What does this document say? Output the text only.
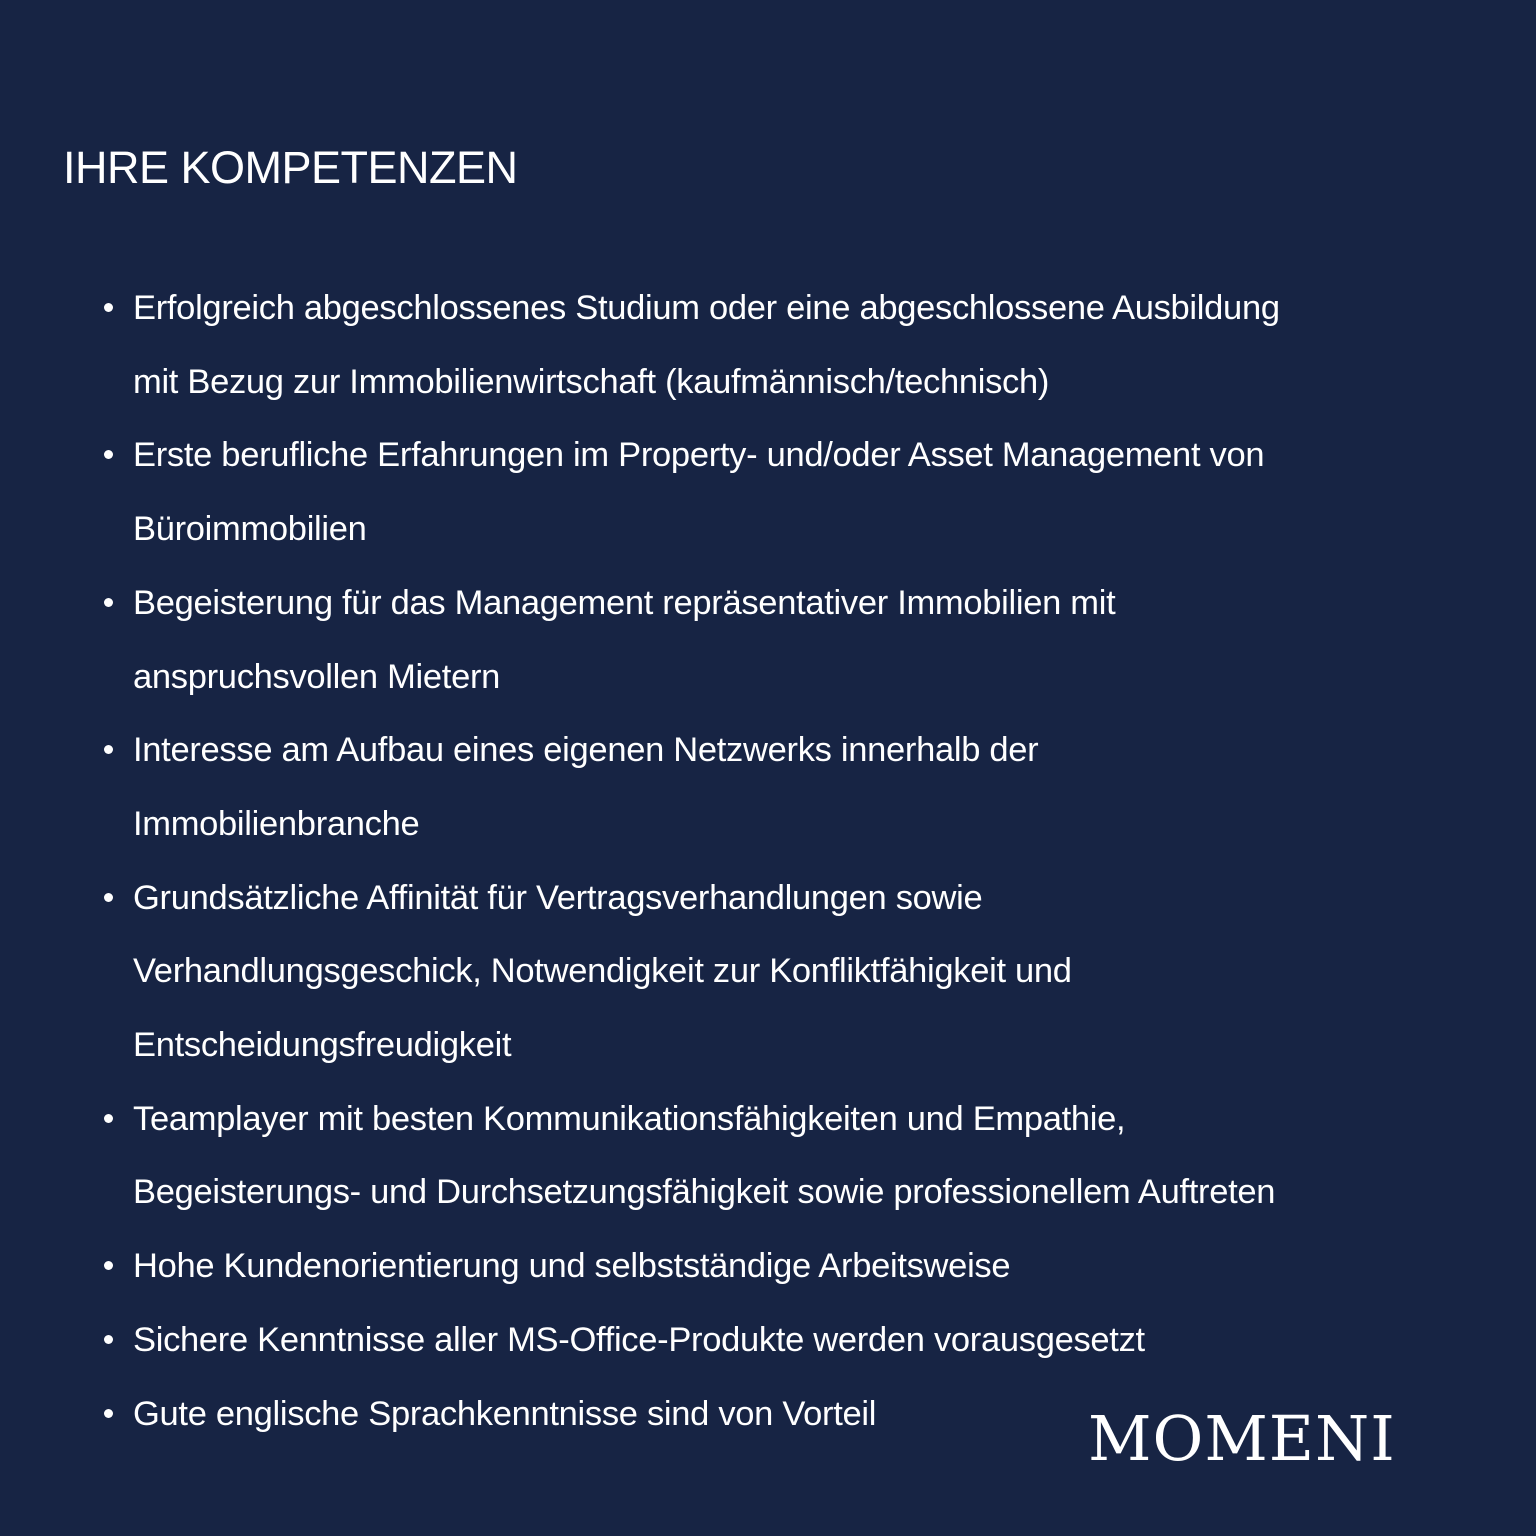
IHRE KOMPETENZEN
Erfolgreich abgeschlossenes Studium oder eine abgeschlossene Ausbildung
mit Bezug zur Immobilienwirtschaft (kaufmännisch/technisch)
Erste berufliche Erfahrungen im Property- und/oder Asset Management von
Büroimmobilien
Begeisterung für das Management repräsentativer Immobilien mit
anspruchsvollen Mietern
Interesse am Aufbau eines eigenen Netzwerks innerhalb der
Immobilienbranche
Grundsätzliche Affinität für Vertragsverhandlungen sowie
Verhandlungsgeschick, Notwendigkeit zur Konfliktfähigkeit und
Entscheidungsfreudigkeit
Teamplayer mit besten Kommunikationsfähigkeiten und Empathie,
Begeisterungs- und Durchsetzungsfähigkeit sowie professionellem Auftreten
Hohe Kundenorientierung und selbstständige Arbeitsweise
Sichere Kenntnisse aller MS-Office-Produkte werden vorausgesetzt
Gute englische Sprachkenntnisse sind von Vorteil	MOMENI
